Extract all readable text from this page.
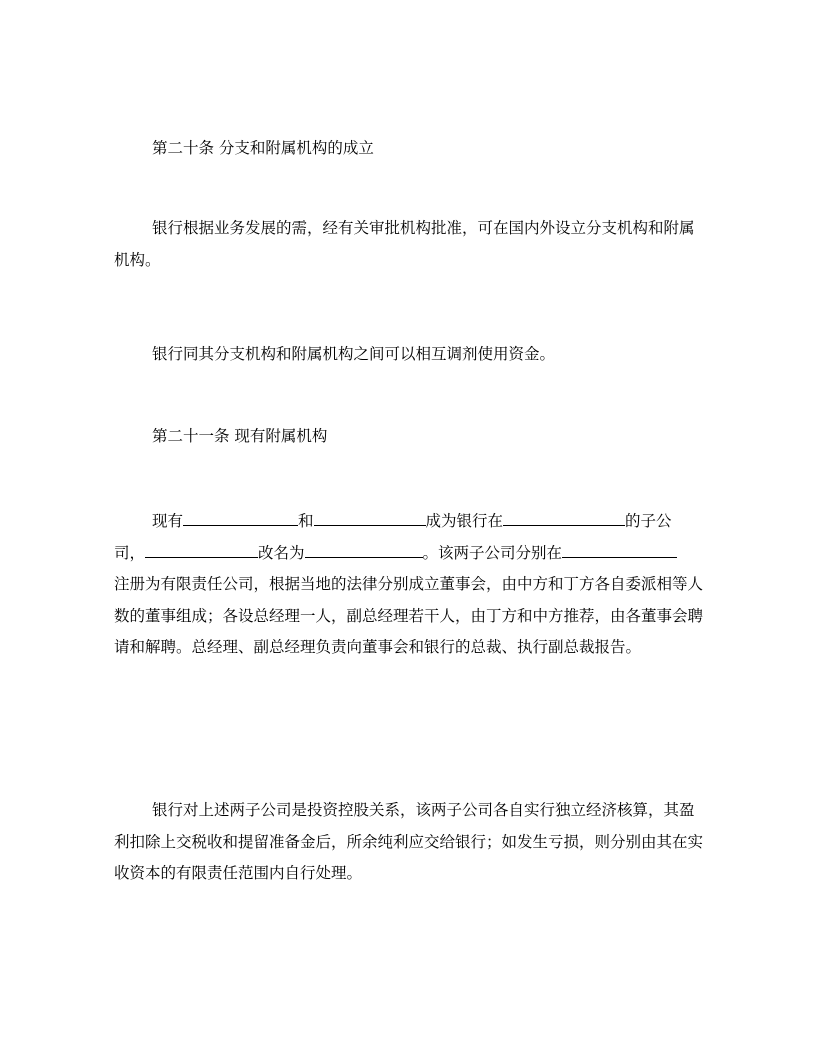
第二十条 分支和附属机构的成立

银行根据业务发展的需，经有关审批机构批准，可在国内外设立分支机构和附属机构。

银行同其分支机构和附属机构之间可以相互调剂使用资金。

第二十一条 现有附属机构

现有	和	成为银行在	的子公
司，	改名为	。该两子公司分别在
注册为有限责任公司，根据当地的法律分别成立董事会，由中方和丁方各自委派相等人数的董事组成；各设总经理一人，副总经理若干人，由丁方和中方推荐，由各董事会聘请和解聘。总经理、副总经理负责向董事会和银行的总裁、执行副总裁报告。

银行对上述两子公司是投资控股关系，该两子公司各自实行独立经济核算，其盈利扣除上交税收和提留准备金后，所余纯利应交给银行；如发生亏损，则分别由其在实收资本的有限责任范围内自行处理。
